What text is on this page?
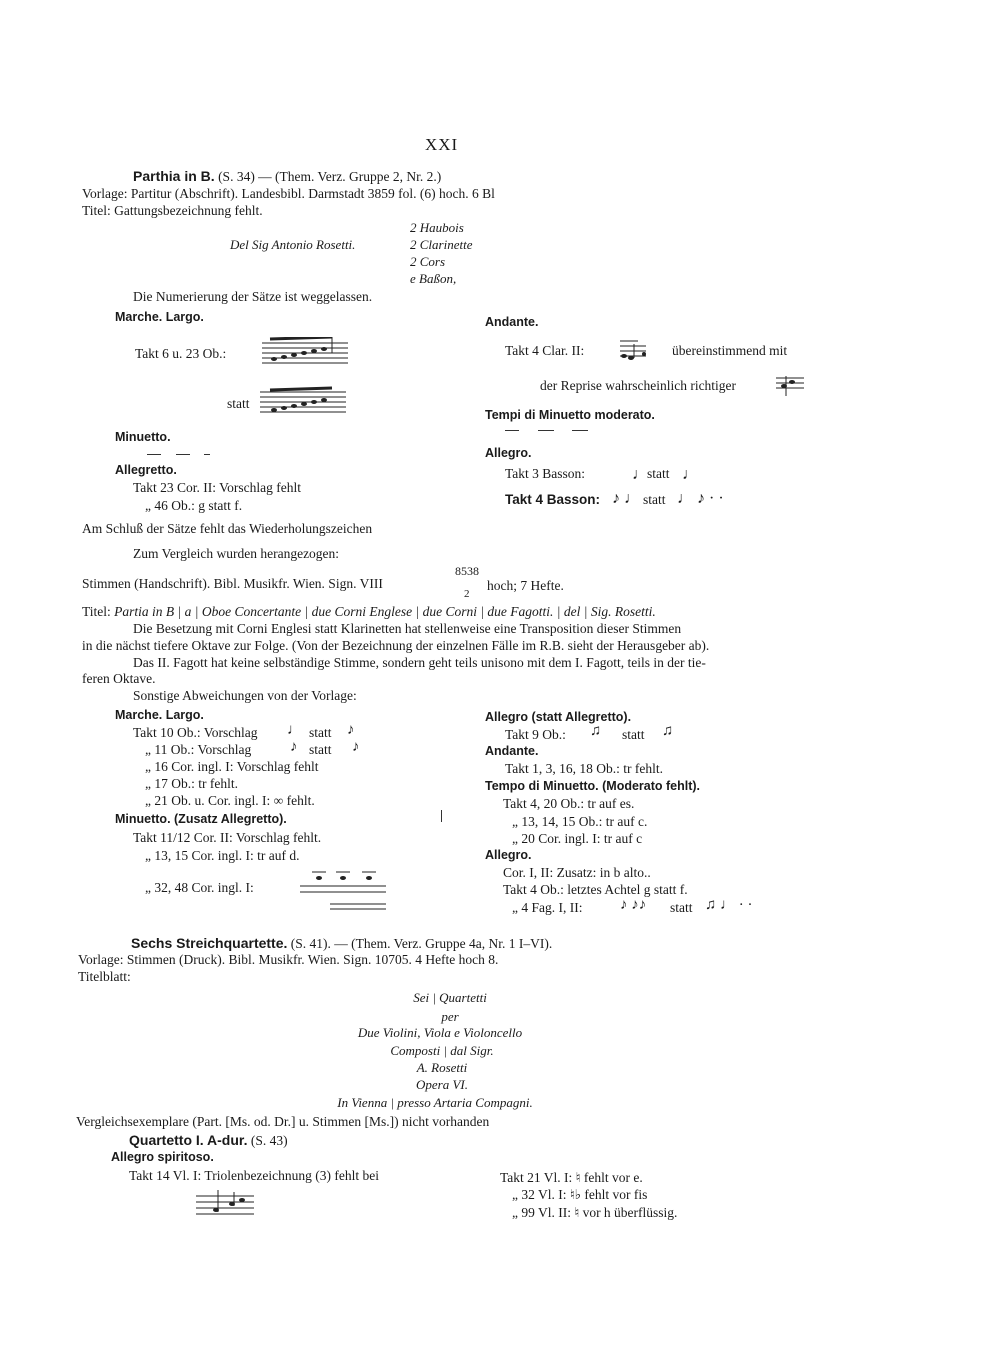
XXI
Parthia in B. (S. 34) — (Them. Verz. Gruppe 2, Nr. 2.)
Vorlage: Partitur (Abschrift). Landesbibl. Darmstadt 3859 fol. (6) hoch. 6 Bl
Titel: Gattungsbezeichnung fehlt.
Del Sig Antonio Rosetti.
2 Haubois
2 Clarinette
2 Cors
e Baßon,
Die Numerierung der Sätze ist weggelassen.
Marche. Largo.
Takt 6 u. 23 Ob.:
statt
Minuetto.
Allegretto.
Takt 23 Cor. II: Vorschlag fehlt
„ 46 Ob.: g statt f.
Am Schluß der Sätze fehlt das Wiederholungszeichen
Andante.
Takt 4 Clar. II:	übereinstimmend mit
der Reprise wahrscheinlich richtiger
Tempi di Minuetto moderato.
Allegro.
Takt 3 Basson:	♩ statt ♩
Takt 4 Basson: ♪ ♩ statt ♩ ♪ · ·
Zum Vergleich wurden herangezogen:
Stimmen (Handschrift). Bibl. Musikfr. Wien. Sign. VIII
8538
2
hoch; 7 Hefte.
Titel: Partia in B | a | Oboe Concertante | due Corni Englese | due Corni | due Fagotti. | del | Sig. Rosetti.
Die Besetzung mit Corni Englesi statt Klarinetten hat stellenweise eine Transposition dieser Stimmen
in die nächst tiefere Oktave zur Folge. (Von der Bezeichnung der einzelnen Fälle im R.B. sieht der Herausgeber ab).
Das II. Fagott hat keine selbständige Stimme, sondern geht teils unisono mit dem I. Fagott, teils in der tie-
feren Oktave.
Sonstige Abweichungen von der Vorlage:
Marche. Largo.
Takt 10 Ob.: Vorschlag ♩ statt ♪
„ 11 Ob.: Vorschlag	♪ statt ♪
„ 16 Cor. ingl. I: Vorschlag fehlt
„ 17 Ob.: tr fehlt.
„ 21 Ob. u. Cor. ingl. I: ∞ fehlt.
Minuetto. (Zusatz Allegretto).
Takt 11/12 Cor. II: Vorschlag fehlt.
„ 13, 15 Cor. ingl. I: tr auf d.
„ 32, 48 Cor. ingl. I:
Allegro (statt Allegretto).
Takt 9 Ob.: ♫ statt ♫
Andante.
Takt 1, 3, 16, 18 Ob.: tr fehlt.
Tempo di Minuetto. (Moderato fehlt).
Takt 4, 20 Ob.: tr auf es.
„ 13, 14, 15 Ob.: tr auf c.
„ 20 Cor. ingl. I: tr auf c
Allegro.
Cor. I, II: Zusatz: in b alto..
Takt 4 Ob.: letztes Achtel g statt f.
„ 4 Fag. I, II:	♪ ♪♪ statt ♫ ♩ · ·
Sechs Streichquartette. (S. 41). — (Them. Verz. Gruppe 4a, Nr. 1 I–VI).
Vorlage: Stimmen (Druck). Bibl. Musikfr. Wien. Sign. 10705. 4 Hefte hoch 8.
Titelblatt:
Sei | Quartetti
per
Due Violini, Viola e Violoncello
Composti | dal Sigr.
A. Rosetti
Opera VI.
In Vienna | presso Artaria Compagni.
Vergleichsexemplare (Part. [Ms. od. Dr.] u. Stimmen [Ms.]) nicht vorhanden
Quartetto I. A-dur. (S. 43)
Allegro spiritoso.
Takt 14 Vl. I: Triolenbezeichnung (3) fehlt bei	Takt 21 Vl. I: ♮ fehlt vor e.
„ 32 Vl. I: ♮♭ fehlt vor fis
„ 99 Vl. II: ♮ vor h überflüssig.
